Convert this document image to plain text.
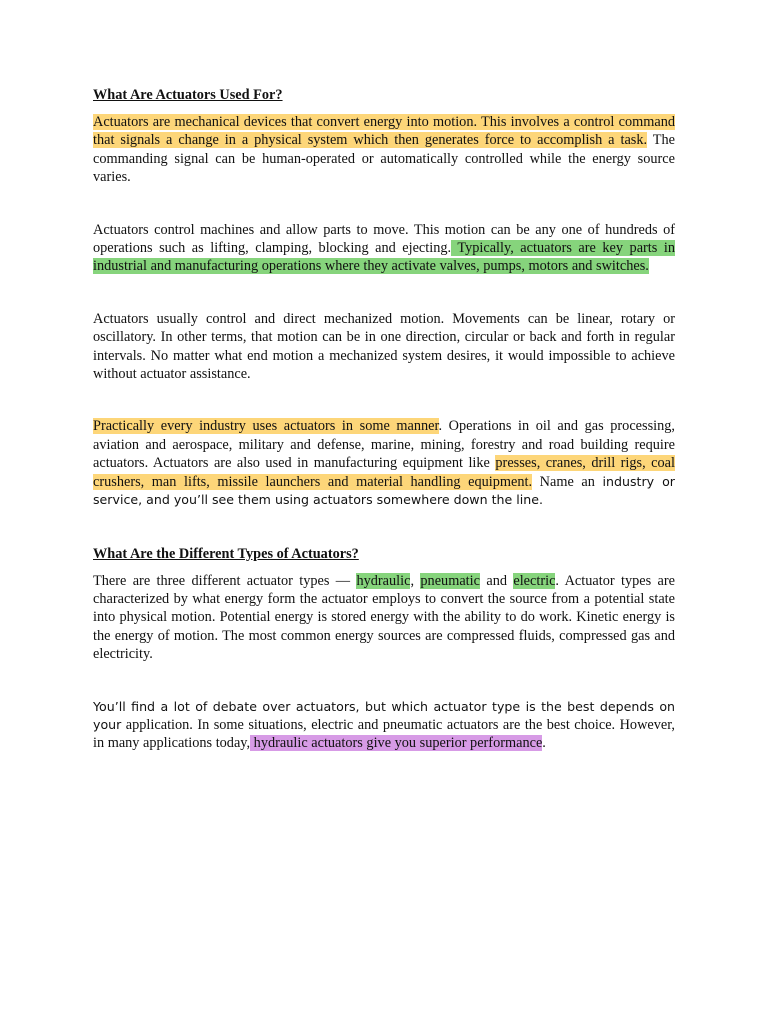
What Are Actuators Used For?

Actuators are mechanical devices that convert energy into motion. This involves a control command that signals a change in a physical system which then generates force to accomplish a task. The commanding signal can be human-operated or automatically controlled while the energy source varies.

Actuators control machines and allow parts to move. This motion can be any one of hundreds of operations such as lifting, clamping, blocking and ejecting. Typically, actuators are key parts in industrial and manufacturing operations where they activate valves, pumps, motors and switches.

Actuators usually control and direct mechanized motion. Movements can be linear, rotary or oscillatory. In other terms, that motion can be in one direction, circular or back and forth in regular intervals. No matter what end motion a mechanized system desires, it would impossible to achieve without actuator assistance.

Practically every industry uses actuators in some manner. Operations in oil and gas processing, aviation and aerospace, military and defense, marine, mining, forestry and road building require actuators. Actuators are also used in manufacturing equipment like presses, cranes, drill rigs, coal crushers, man lifts, missile launchers and material handling equipment. Name an industry or service, and you’ll see them using actuators somewhere down the line.

What Are the Different Types of Actuators?

There are three different actuator types — hydraulic, pneumatic and electric. Actuator types are characterized by what energy form the actuator employs to convert the source from a potential state into physical motion. Potential energy is stored energy with the ability to do work. Kinetic energy is the energy of motion. The most common energy sources are compressed fluids, compressed gas and electricity.

You’ll find a lot of debate over actuators, but which actuator type is the best depends on your application. In some situations, electric and pneumatic actuators are the best choice. However, in many applications today, hydraulic actuators give you superior performance.
